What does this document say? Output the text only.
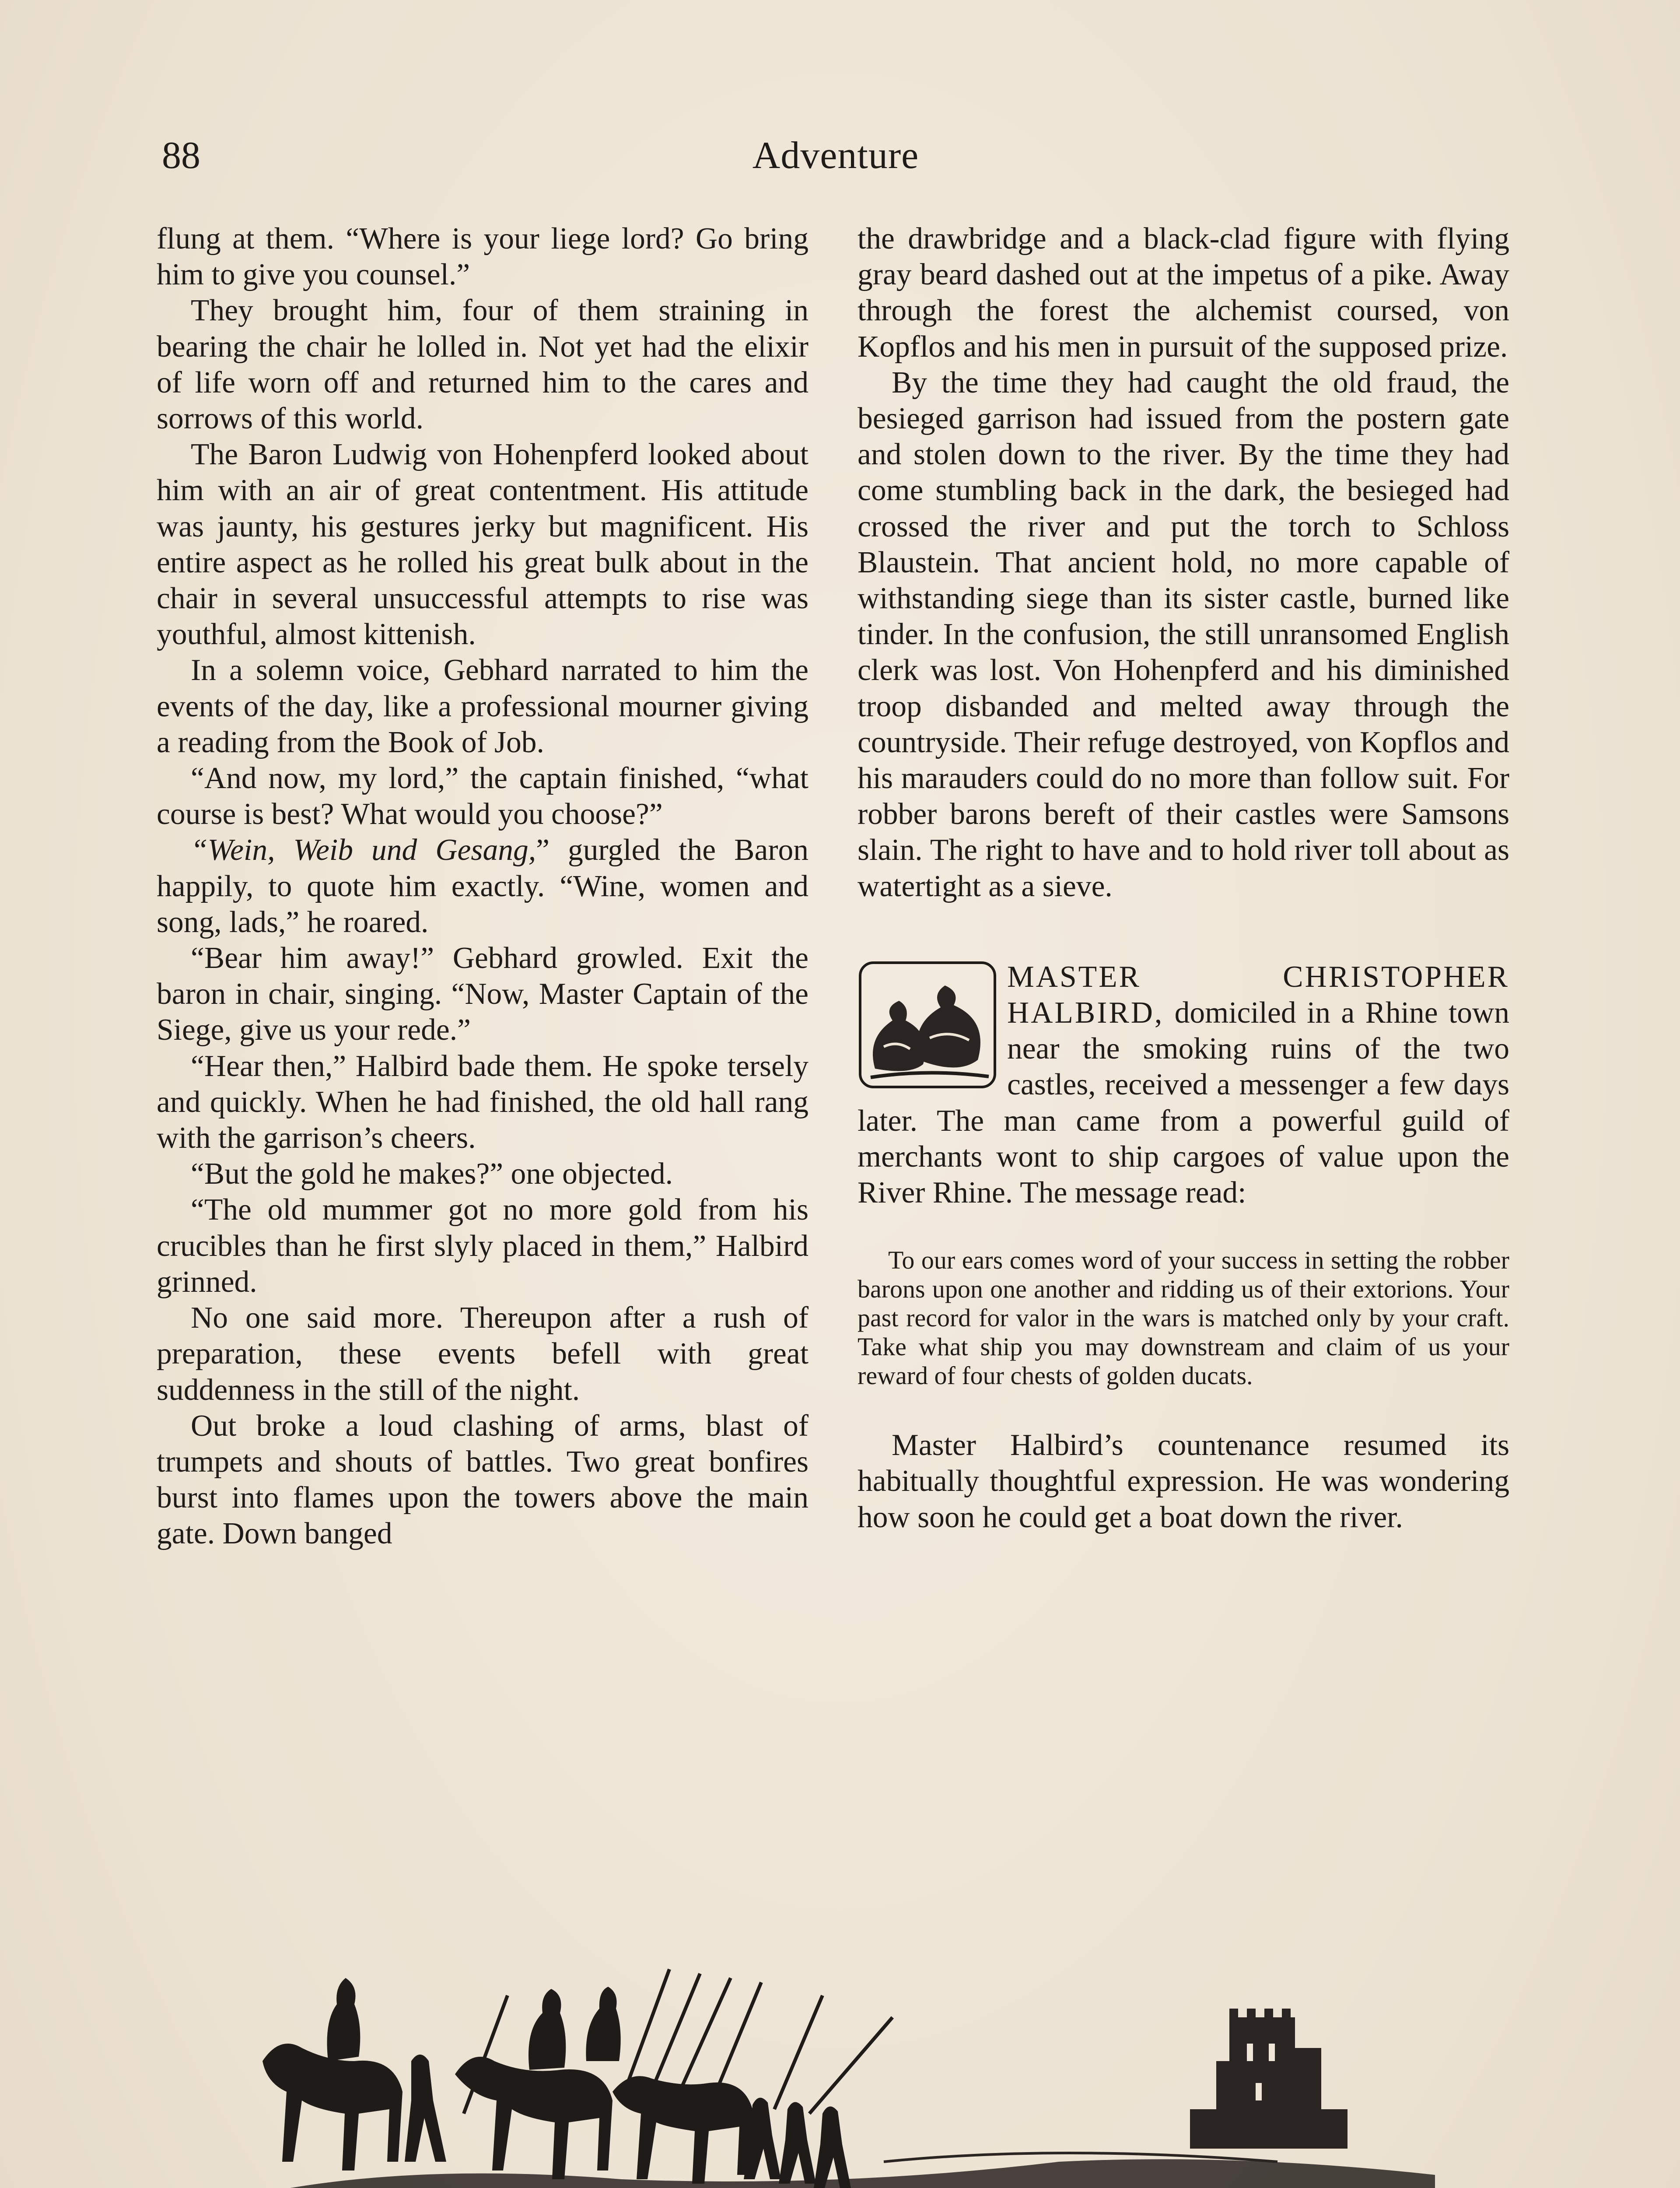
88	Adventure

flung at them. “Where is your liege lord? Go bring him to give you counsel.”

They brought him, four of them straining in bearing the chair he lolled in. Not yet had the elixir of life worn off and returned him to the cares and sorrows of this world.

The Baron Ludwig von Hohenpferd looked about him with an air of great contentment. His attitude was jaunty, his gestures jerky but magnificent. His entire aspect as he rolled his great bulk about in the chair in several unsuccessful attempts to rise was youthful, almost kittenish.

In a solemn voice, Gebhard narrated to him the events of the day, like a professional mourner giving a reading from the Book of Job.

“And now, my lord,” the captain finished, “what course is best? What would you choose?”

“Wein, Weib und Gesang,” gurgled the Baron happily, to quote him exactly. “Wine, women and song, lads,” he roared.

“Bear him away!” Gebhard growled. Exit the baron in chair, singing. “Now, Master Captain of the Siege, give us your rede.”

“Hear then,” Halbird bade them. He spoke tersely and quickly. When he had finished, the old hall rang with the garrison’s cheers.

“But the gold he makes?” one objected.

“The old mummer got no more gold from his crucibles than he first slyly placed in them,” Halbird grinned.

No one said more. Thereupon after a rush of preparation, these events befell with great suddenness in the still of the night.

Out broke a loud clashing of arms, blast of trumpets and shouts of battles. Two great bonfires burst into flames upon the towers above the main gate. Down banged

the drawbridge and a black-clad figure with flying gray beard dashed out at the impetus of a pike. Away through the forest the alchemist coursed, von Kopflos and his men in pursuit of the supposed prize.

By the time they had caught the old fraud, the besieged garrison had issued from the postern gate and stolen down to the river. By the time they had come stumbling back in the dark, the besieged had crossed the river and put the torch to Schloss Blaustein. That ancient hold, no more capable of withstanding siege than its sister castle, burned like tinder. In the confusion, the still unransomed English clerk was lost. Von Hohenpferd and his diminished troop disbanded and melted away through the countryside. Their refuge destroyed, von Kopflos and his marauders could do no more than follow suit. For robber barons bereft of their castles were Samsons slain. The right to have and to hold river toll about as watertight as a sieve.

MASTER CHRISTOPHER HALBIRD, domiciled in a Rhine town near the smoking ruins of the two castles, received a messenger a few days later. The man came from a powerful guild of merchants wont to ship cargoes of value upon the River Rhine. The message read:

To our ears comes word of your success in setting the robber barons upon one another and ridding us of their extorions. Your past record for valor in the wars is matched only by your craft. Take what ship you may downstream and claim of us your reward of four chests of golden ducats.

Master Halbird’s countenance resumed its habitually thoughtful expression. He was wondering how soon he could get a boat down the river.
